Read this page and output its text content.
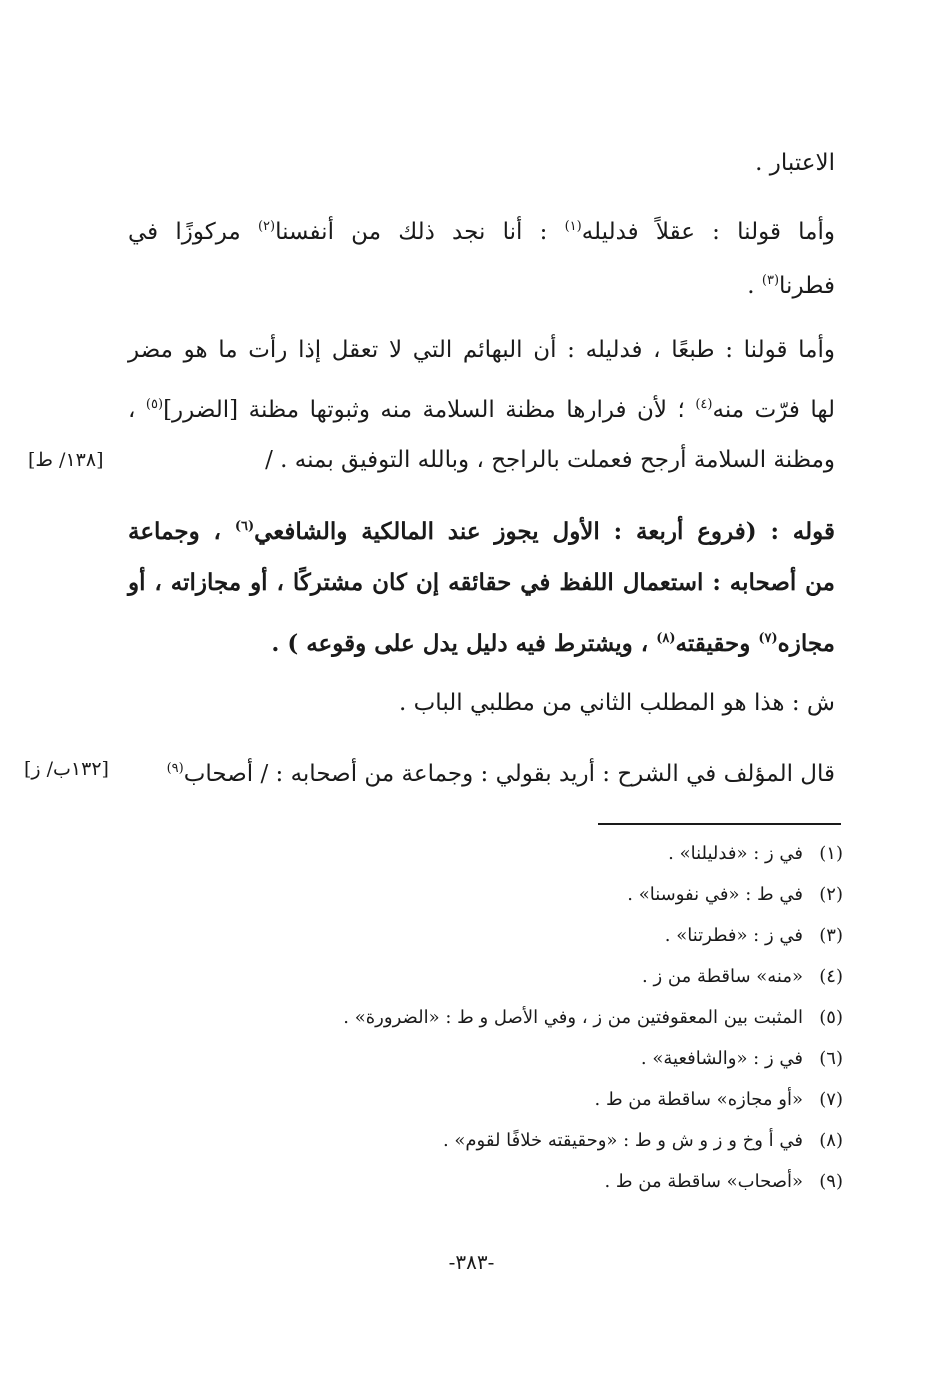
الاعتبار .
وأما قولنا : عقلاً فدليله$^{(١)}$ : أنا نجد ذلك من أنفسنا$^{(٢)}$ مركوزًا في
فطرنا$^{(٣)}$ .
وأما قولنا : طبعًا ، فدليله : أن البهائم التي لا تعقل إذا رأت ما هو مضر
لها فرّت منه$^{(٤)}$ ؛ لأن فرارها مظنة السلامة منه وثبوتها مظنة [الضرر]$^{(٥)}$ ،
ومظنة السلامة أرجح فعملت بالراجح ، وبالله التوفيق بمنه . /
[١٣٨/ ط]
قوله : (فروع أربعة : الأول يجوز عند المالكية والشافعي$^{(٦)}$ ، وجماعة
من أصحابه : استعمال اللفظ في حقائقه إن كان مشتركًا ، أو مجازاته ، أو
مجازه$^{(٧)}$ وحقيقته$^{(٨)}$ ، ويشترط فيه دليل يدل على وقوعه ) .
ش : هذا هو المطلب الثاني من مطلبي الباب .
قال المؤلف في الشرح : أريد بقولي : وجماعة من أصحابه : / أصحاب$^{(٩)}$
[١٣٢ب/ ز]
(١)في ز : «فدليلنا» .
(٢)في ط : «في نفوسنا» .
(٣)في ز : «فطرتنا» .
(٤)«منه» ساقطة من ز .
(٥)المثبت بين المعقوفتين من ز ، وفي الأصل و ط : «الضرورة» .
(٦)في ز : «والشافعية» .
(٧)«أو مجازه» ساقطة من ط .
(٨)في أ وخ و ز و ش و ط : «وحقيقته خلافًا لقوم» .
(٩)«أصحاب» ساقطة من ط .
-٣٨٣-
